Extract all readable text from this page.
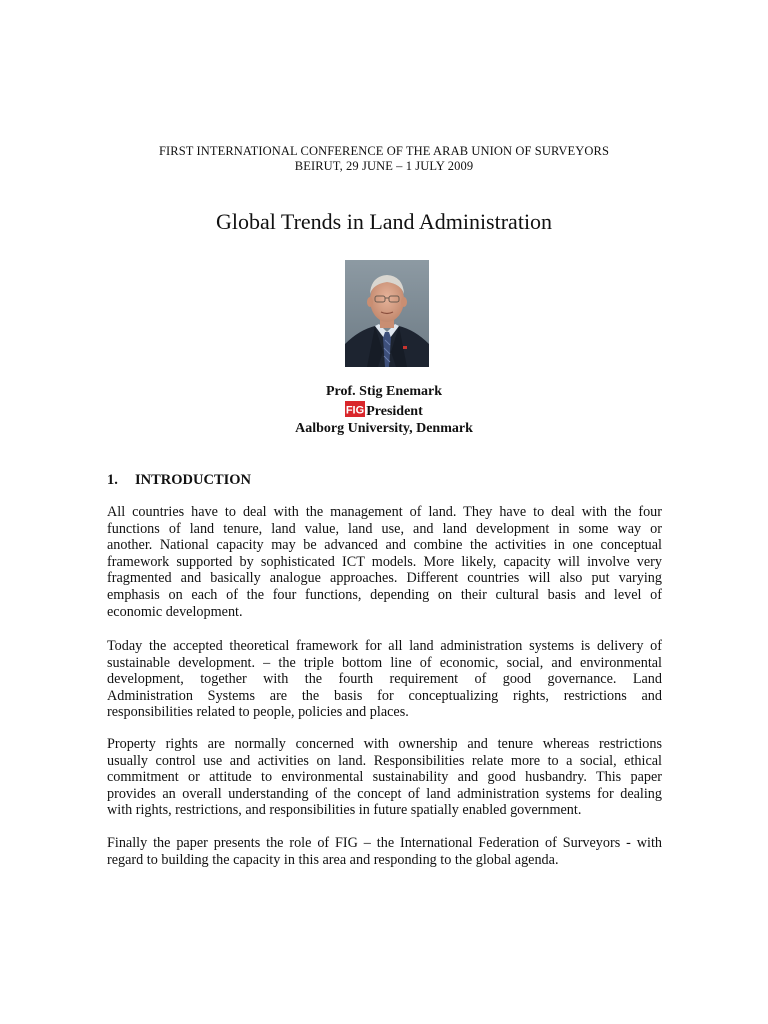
FIRST INTERNATIONAL CONFERENCE OF THE ARAB UNION OF SURVEYORS
BEIRUT, 29 JUNE – 1 JULY 2009
Global Trends in Land Administration
Prof. Stig Enemark
FIG President
Aalborg University, Denmark
1. INTRODUCTION
All countries have to deal with the management of land. They have to deal with the four
functions of land tenure, land value, land use, and land development in some way or
another. National capacity may be advanced and combine the activities in one conceptual
framework supported by sophisticated ICT models. More likely, capacity will involve very
fragmented and basically analogue approaches. Different countries will also put varying
emphasis on each of the four functions, depending on their cultural basis and level of
economic development.
Today the accepted theoretical framework for all land administration systems is delivery of
sustainable development. – the triple bottom line of economic, social, and environmental
development, together with the fourth requirement of good governance. Land
Administration Systems are the basis for conceptualizing rights, restrictions and
responsibilities related to people, policies and places.
Property rights are normally concerned with ownership and tenure whereas restrictions
usually control use and activities on land. Responsibilities relate more to a social, ethical
commitment or attitude to environmental sustainability and good husbandry. This paper
provides an overall understanding of the concept of land administration systems for dealing
with rights, restrictions, and responsibilities in future spatially enabled government.
Finally the paper presents the role of FIG – the International Federation of Surveyors - with
regard to building the capacity in this area and responding to the global agenda.
